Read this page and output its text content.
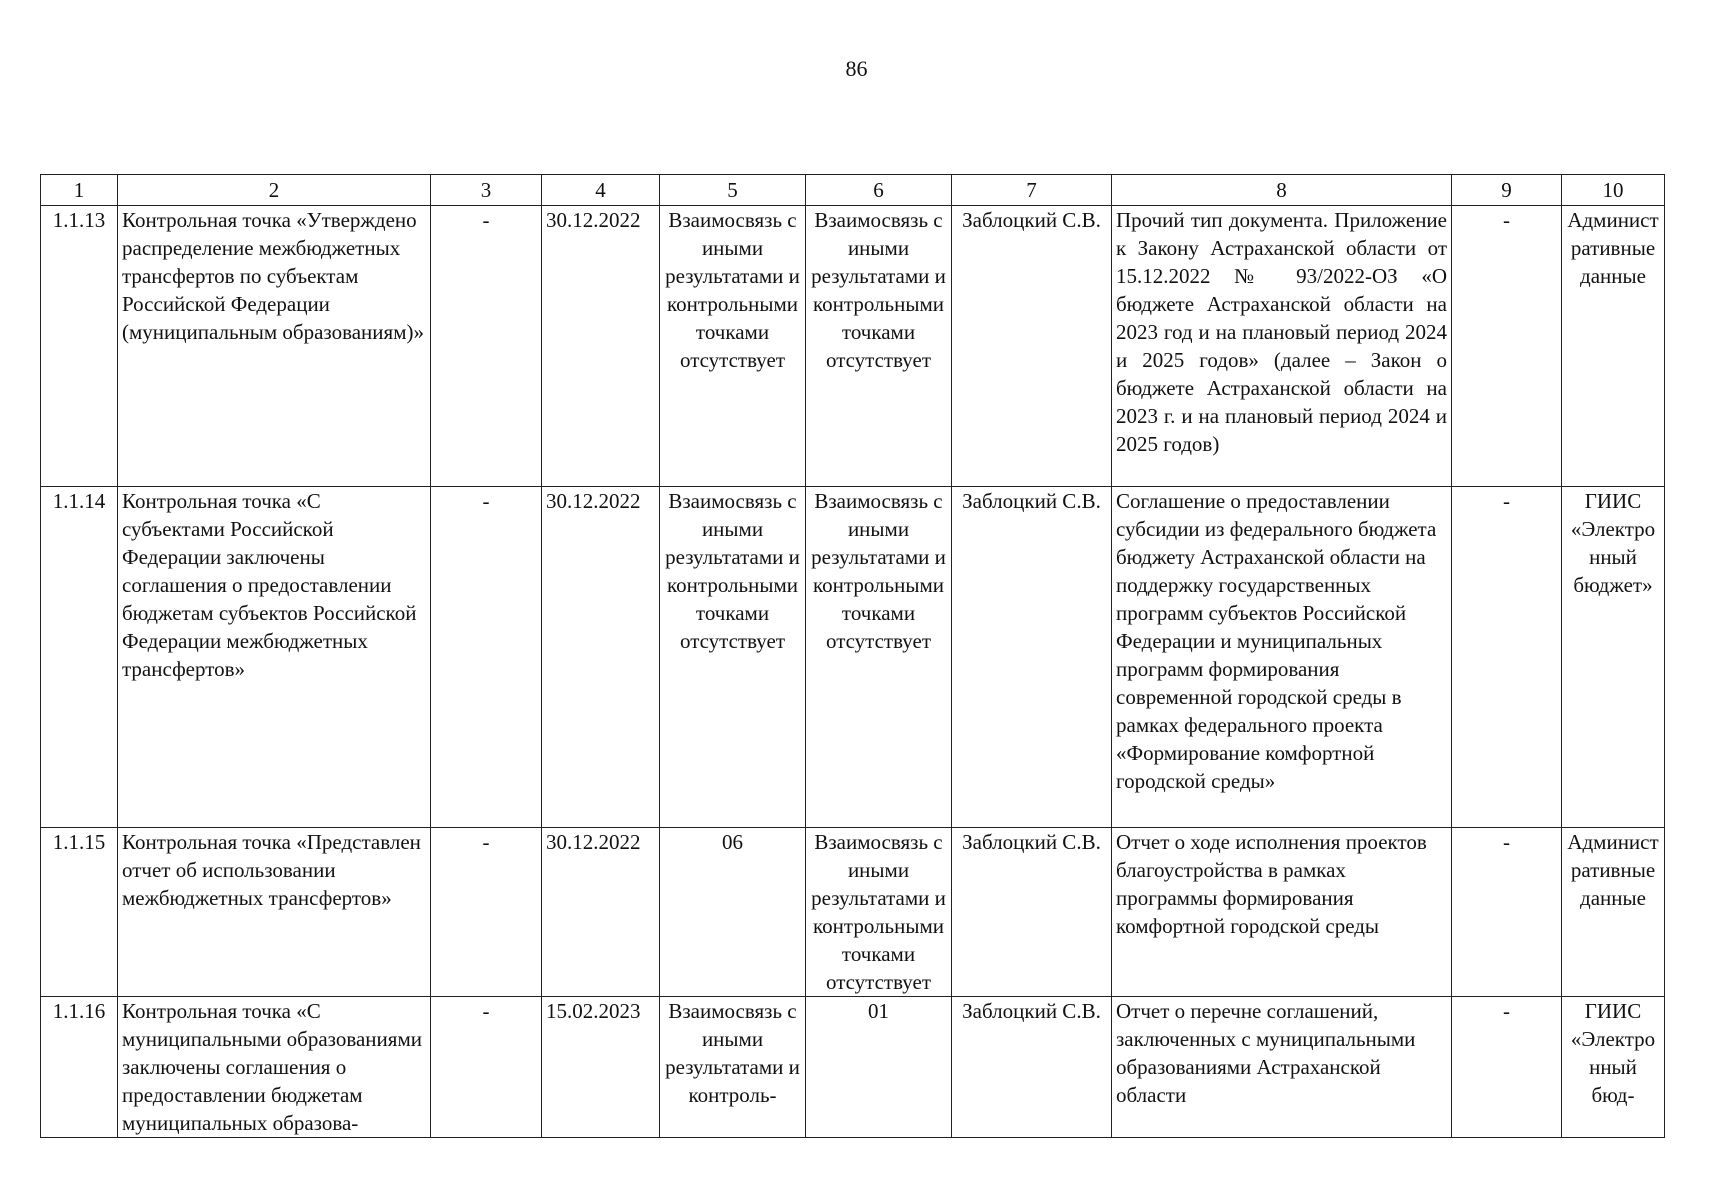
86
1	2	3	4	5	6	7	8	9	10
1.1.13	Контрольная точка «Утверждено распределение межбюджетных трансфертов по субъектам Российской Федерации (муниципальным образованиям)»	-	30.12.2022	Взаимосвязь с иными результатами и контрольными точками отсутствует	Взаимосвязь с иными результатами и контрольными точками отсутствует	Заблоцкий С.В.	Прочий тип документа. Приложение к Закону Астраханской области от 15.12.2022 № 93/2022-ОЗ «О бюджете Астраханской области на 2023 год и на плановый период 2024 и 2025 годов» (далее – Закон о бюджете Астраханской области на 2023 г. и на плановый период 2024 и 2025 годов)	-	Административные данные
1.1.14	Контрольная точка «С субъектами Российской Федерации заключены соглашения о предоставлении бюджетам субъектов Российской Федерации межбюджетных трансфертов»	-	30.12.2022	Взаимосвязь с иными результатами и контрольными точками отсутствует	Взаимосвязь с иными результатами и контрольными точками отсутствует	Заблоцкий С.В.	Соглашение о предоставлении субсидии из федерального бюджета бюджету Астраханской области на поддержку государственных программ субъектов Российской Федерации и муниципальных программ формирования современной городской среды в рамках федерального проекта «Формирование комфортной городской среды»	-	ГИИС «Электронный бюджет»
1.1.15	Контрольная точка «Представлен отчет об использовании межбюджетных трансфертов»	-	30.12.2022	06	Взаимосвязь с иными результатами и контрольными точками отсутствует	Заблоцкий С.В.	Отчет о ходе исполнения проектов благоустройства в рамках программы формирования комфортной городской среды	-	Административные данные
1.1.16	Контрольная точка «С муниципальными образованиями заключены соглашения о предоставлении бюджетам муниципальных образова-	-	15.02.2023	Взаимосвязь с иными результатами и контроль-	01	Заблоцкий С.В.	Отчет о перечне соглашений, заключенных с муниципальными образованиями Астраханской области	-	ГИИС «Электронный бюд-
